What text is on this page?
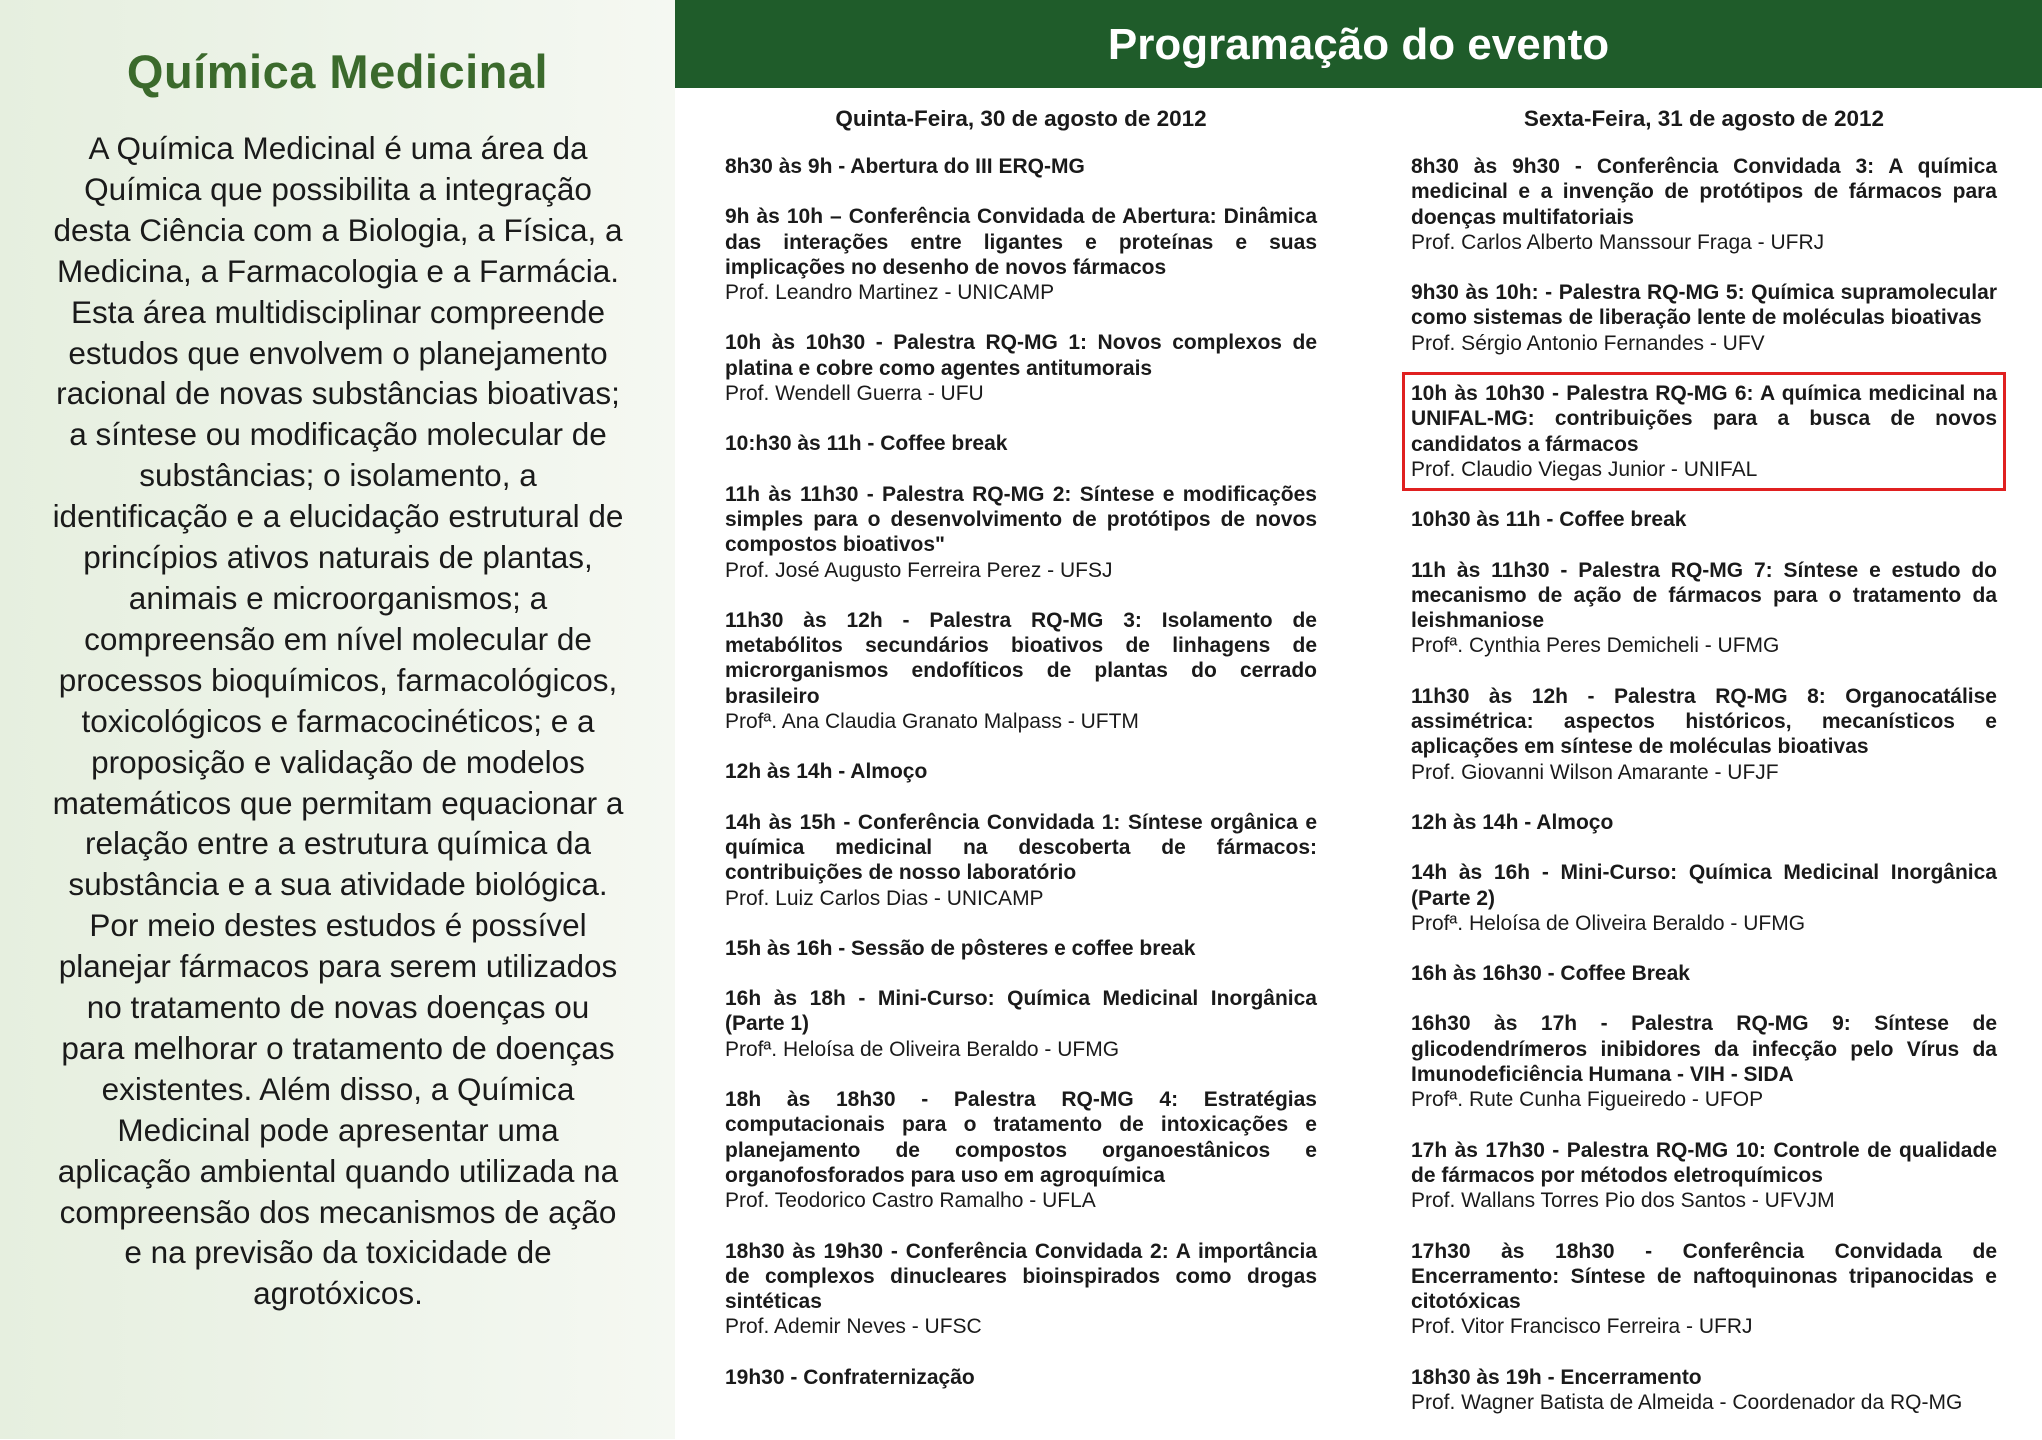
Química Medicinal
A Química Medicinal é uma área da Química que possibilita a integração desta Ciência com a Biologia, a Física, a Medicina, a Farmacologia e a Farmácia. Esta área multidisciplinar compreende estudos que envolvem o planejamento racional de novas substâncias bioativas; a síntese ou modificação molecular de substâncias; o isolamento, a identificação e a elucidação estrutural de princípios ativos naturais de plantas, animais e microorganismos; a compreensão em nível molecular de processos bioquímicos, farmacológicos, toxicológicos e farmacocinéticos; e a proposição e validação de modelos matemáticos que permitam equacionar a relação entre a estrutura química da substância e a sua atividade biológica. Por meio destes estudos é possível planejar fármacos para serem utilizados no tratamento de novas doenças ou para melhorar o tratamento de doenças existentes. Além disso, a Química Medicinal pode apresentar uma aplicação ambiental quando utilizada na compreensão dos mecanismos de ação e na previsão da toxicidade de agrotóxicos.
Programação do evento
Quinta-Feira, 30 de agosto de 2012
8h30 às 9h - Abertura do III ERQ-MG
9h às 10h – Conferência Convidada de Abertura: Dinâmica das interações entre ligantes e proteínas e suas implicações no desenho de novos fármacos
Prof. Leandro Martinez - UNICAMP
10h às 10h30 - Palestra RQ-MG 1: Novos complexos de platina e cobre como agentes antitumorais
Prof. Wendell Guerra - UFU
10:h30 às 11h - Coffee break
11h às 11h30 - Palestra RQ-MG 2: Síntese e modificações simples para o desenvolvimento de protótipos de novos compostos bioativos"
Prof. José Augusto Ferreira Perez - UFSJ
11h30 às 12h - Palestra RQ-MG 3: Isolamento de metabólitos secundários bioativos de linhagens de microrganismos endofíticos de plantas do cerrado brasileiro
Profª. Ana Claudia Granato Malpass - UFTM
12h às 14h - Almoço
14h às 15h - Conferência Convidada 1: Síntese orgânica e química medicinal na descoberta de fármacos: contribuições de nosso laboratório
Prof. Luiz Carlos Dias - UNICAMP
15h às 16h - Sessão de pôsteres e coffee break
16h às 18h - Mini-Curso: Química Medicinal Inorgânica (Parte 1)
Profª. Heloísa de Oliveira Beraldo - UFMG
18h às 18h30 - Palestra RQ-MG 4: Estratégias computacionais para o tratamento de intoxicações e planejamento de compostos organoestânicos e organofosforados para uso em agroquímica
Prof. Teodorico Castro Ramalho - UFLA
18h30 às 19h30 - Conferência Convidada 2: A importância de complexos dinucleares bioinspirados como drogas sintéticas
Prof. Ademir Neves - UFSC
19h30 - Confraternização
Sexta-Feira, 31 de agosto de 2012
8h30 às 9h30 - Conferência Convidada 3: A química medicinal e a invenção de protótipos de fármacos para doenças multifatoriais
Prof. Carlos Alberto Manssour Fraga - UFRJ
9h30 às 10h: - Palestra RQ-MG 5: Química supramolecular como sistemas de liberação lente de moléculas bioativas
Prof. Sérgio Antonio Fernandes - UFV
10h às 10h30 - Palestra RQ-MG 6: A química medicinal na UNIFAL-MG: contribuições para a busca de novos candidatos a fármacos
Prof. Claudio Viegas Junior - UNIFAL
10h30 às 11h - Coffee break
11h às 11h30 - Palestra RQ-MG 7: Síntese e estudo do mecanismo de ação de fármacos para o tratamento da leishmaniose
Profª. Cynthia Peres Demicheli - UFMG
11h30 às 12h - Palestra RQ-MG 8: Organocatálise assimétrica: aspectos históricos, mecanísticos e aplicações em síntese de moléculas bioativas
Prof. Giovanni Wilson Amarante - UFJF
12h às 14h - Almoço
14h às 16h - Mini-Curso: Química Medicinal Inorgânica (Parte 2)
Profª. Heloísa de Oliveira Beraldo - UFMG
16h às 16h30 - Coffee Break
16h30 às 17h - Palestra RQ-MG 9: Síntese de glicodendrímeros inibidores da infecção pelo Vírus da Imunodeficiência Humana - VIH - SIDA
Profª. Rute Cunha Figueiredo - UFOP
17h às 17h30 - Palestra RQ-MG 10: Controle de qualidade de fármacos por métodos eletroquímicos
Prof. Wallans Torres Pio dos Santos - UFVJM
17h30 às 18h30 - Conferência Convidada de Encerramento: Síntese de naftoquinonas tripanocidas e citotóxicas
Prof. Vitor Francisco Ferreira - UFRJ
18h30 às 19h - Encerramento
Prof. Wagner Batista de Almeida - Coordenador da RQ-MG
